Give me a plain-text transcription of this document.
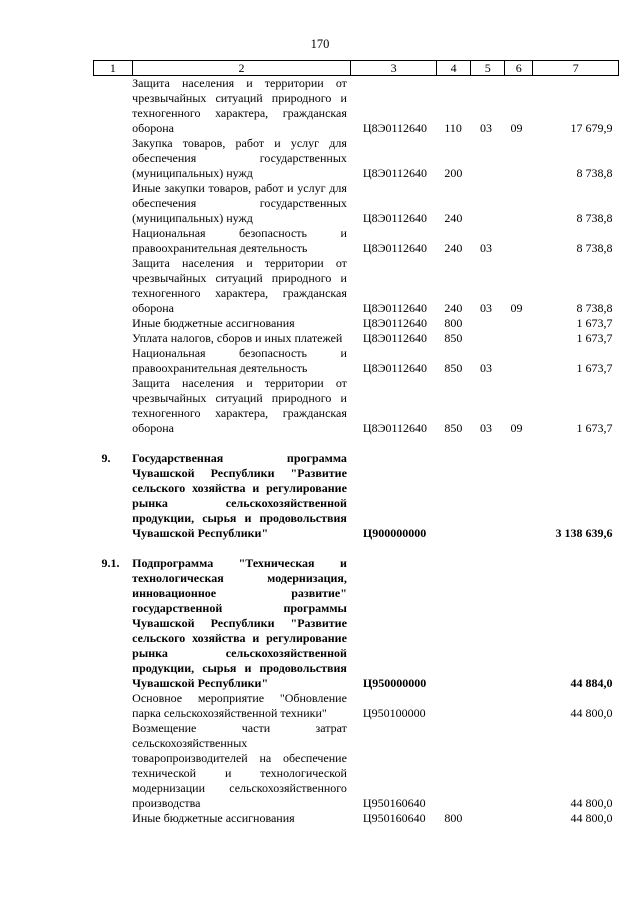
170
1	2	3	4	5	6	7
	Защита населения и территории от чрезвычайных ситуаций природного и техногенного характера, гражданская оборона	Ц8Э0112640	110	03	09	17 679,9
	Закупка товаров, работ и услуг для обеспечения государственных (муниципальных) нужд	Ц8Э0112640	200			8 738,8
	Иные закупки товаров, работ и услуг для обеспечения государственных (муниципальных) нужд	Ц8Э0112640	240			8 738,8
	Национальная безопасность и правоохранительная деятельность	Ц8Э0112640	240	03		8 738,8
	Защита населения и территории от чрезвычайных ситуаций природного и техногенного характера, гражданская оборона	Ц8Э0112640	240	03	09	8 738,8
	Иные бюджетные ассигнования	Ц8Э0112640	800			1 673,7
	Уплата налогов, сборов и иных платежей	Ц8Э0112640	850			1 673,7
	Национальная безопасность и правоохранительная деятельность	Ц8Э0112640	850	03		1 673,7
	Защита населения и территории от чрезвычайных ситуаций природного и техногенного характера, гражданская оборона	Ц8Э0112640	850	03	09	1 673,7

9.	Государственная программа Чувашской Республики "Развитие сельского хозяйства и регулирование рынка сельскохозяйственной продукции, сырья и продовольствия Чувашской Республики"	Ц900000000				3 138 639,6

9.1.	Подпрограмма "Техническая и технологическая модернизация, инновационное развитие" государственной программы Чувашской Республики "Развитие сельского хозяйства и регулирование рынка сельскохозяйственной продукции, сырья и продовольствия Чувашской Республики"	Ц950000000				44 884,0
	Основное мероприятие "Обновление парка сельскохозяйственной техники"	Ц950100000				44 800,0
	Возмещение части затрат сельскохозяйственных товаропроизводителей на обеспечение технической и технологической модернизации сельскохозяйственного производства	Ц950160640				44 800,0
	Иные бюджетные ассигнования	Ц950160640	800			44 800,0
